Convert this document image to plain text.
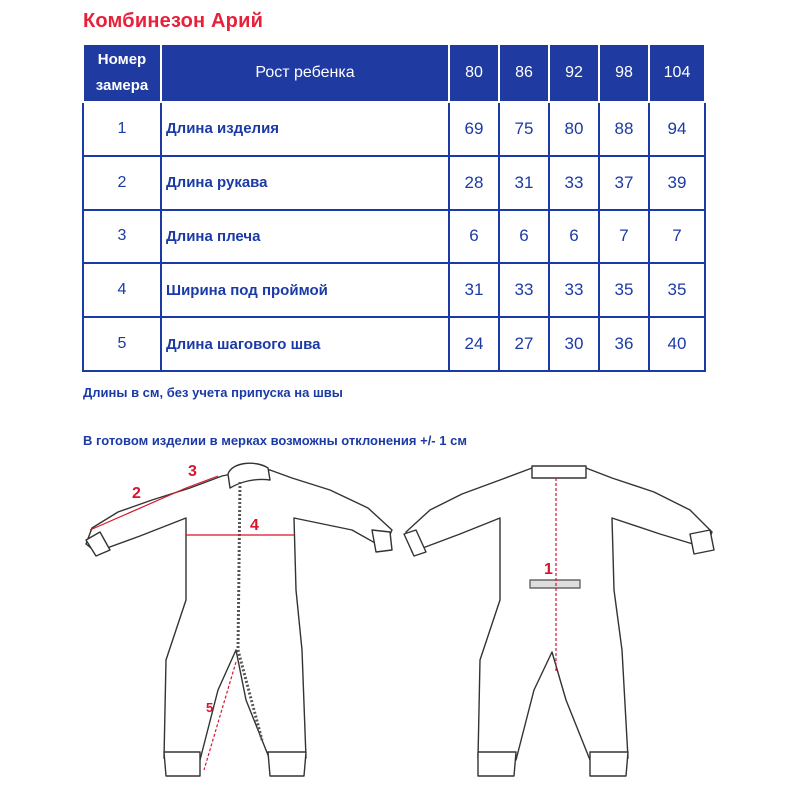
Комбинезон Арий
Номер
замера	Рост ребенка	80	86	92	98	104
1	Длина изделия	69	75	80	88	94
2	Длина рукава	28	31	33	37	39
3	Длина плеча	6	6	6	7	7
4	Ширина под проймой	31	33	33	35	35
5	Длина шагового шва	24	27	30	36	40
Длины в см, без учета припуска на швы
В готовом изделии в мерках возможны отклонения +/- 1 см
1
2
3
4
5
